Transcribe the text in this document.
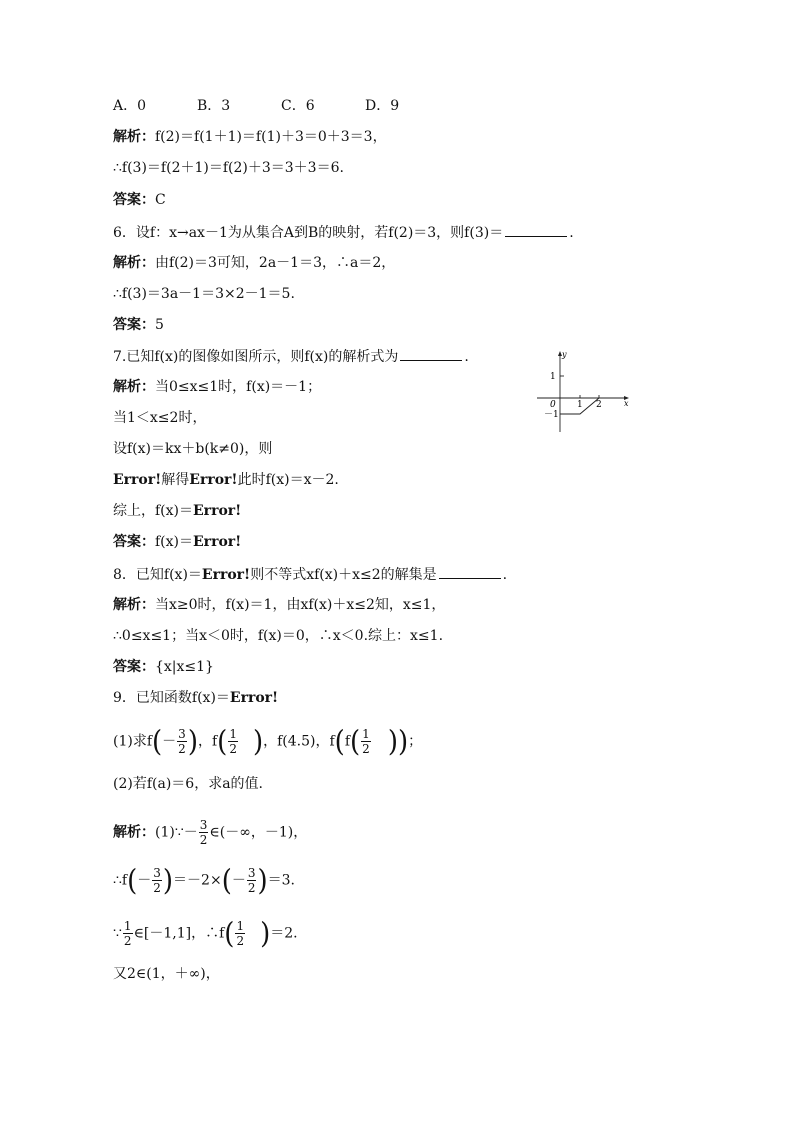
A．0	B．3	C．6	D．9
解析：f(2)＝f(1＋1)＝f(1)＋3＝0＋3＝3，
∴f(3)＝f(2＋1)＝f(2)＋3＝3＋3＝6.
答案：C
6．设f：x→ax－1为从集合A到B的映射，若f(2)＝3，则f(3)＝	.
解析：由f(2)＝3可知，2a－1＝3，∴a＝2，
∴f(3)＝3a－1＝3×2－1＝5.
答案：5
7.已知f(x)的图像如图所示，则f(x)的解析式为	.
解析：当0≤x≤1时，f(x)＝－1；
当1＜x≤2时，
设f(x)＝kx＋b(k≠0)，则
Error!解得Error!此时f(x)＝x－2.
综上，f(x)＝Error!
答案：f(x)＝Error!
y
x
0
1
－1
1 2
8．已知f(x)＝Error!则不等式xf(x)＋x≤2的解集是	.
解析：当x≥0时，f(x)＝1，由xf(x)＋x≤2知，x≤1，
∴0≤x≤1；当x＜0时，f(x)＝0，∴x＜0.综上：x≤1.
答案：{x|x≤1}
9．已知函数f(x)＝Error!
(1)求$f(- \frac{3}{2}$ )，$f( \frac{1}{2}$ )，f(4.5)，$f(f( \frac{1}{2}$ ))；
(2)若f(a)＝6，求a的值.
解析：(1)∵－ $\frac{3}{2}$ ∈(－∞，－1)，
∴f(－ $\frac{3}{2} )=-2\times(- \frac{3}{2} )=3$.
∵ $\frac{1}{2}$ ∈[－1,1]，∴f( $\frac{1}{2} )=2$.
又2∈(1，＋∞)，
